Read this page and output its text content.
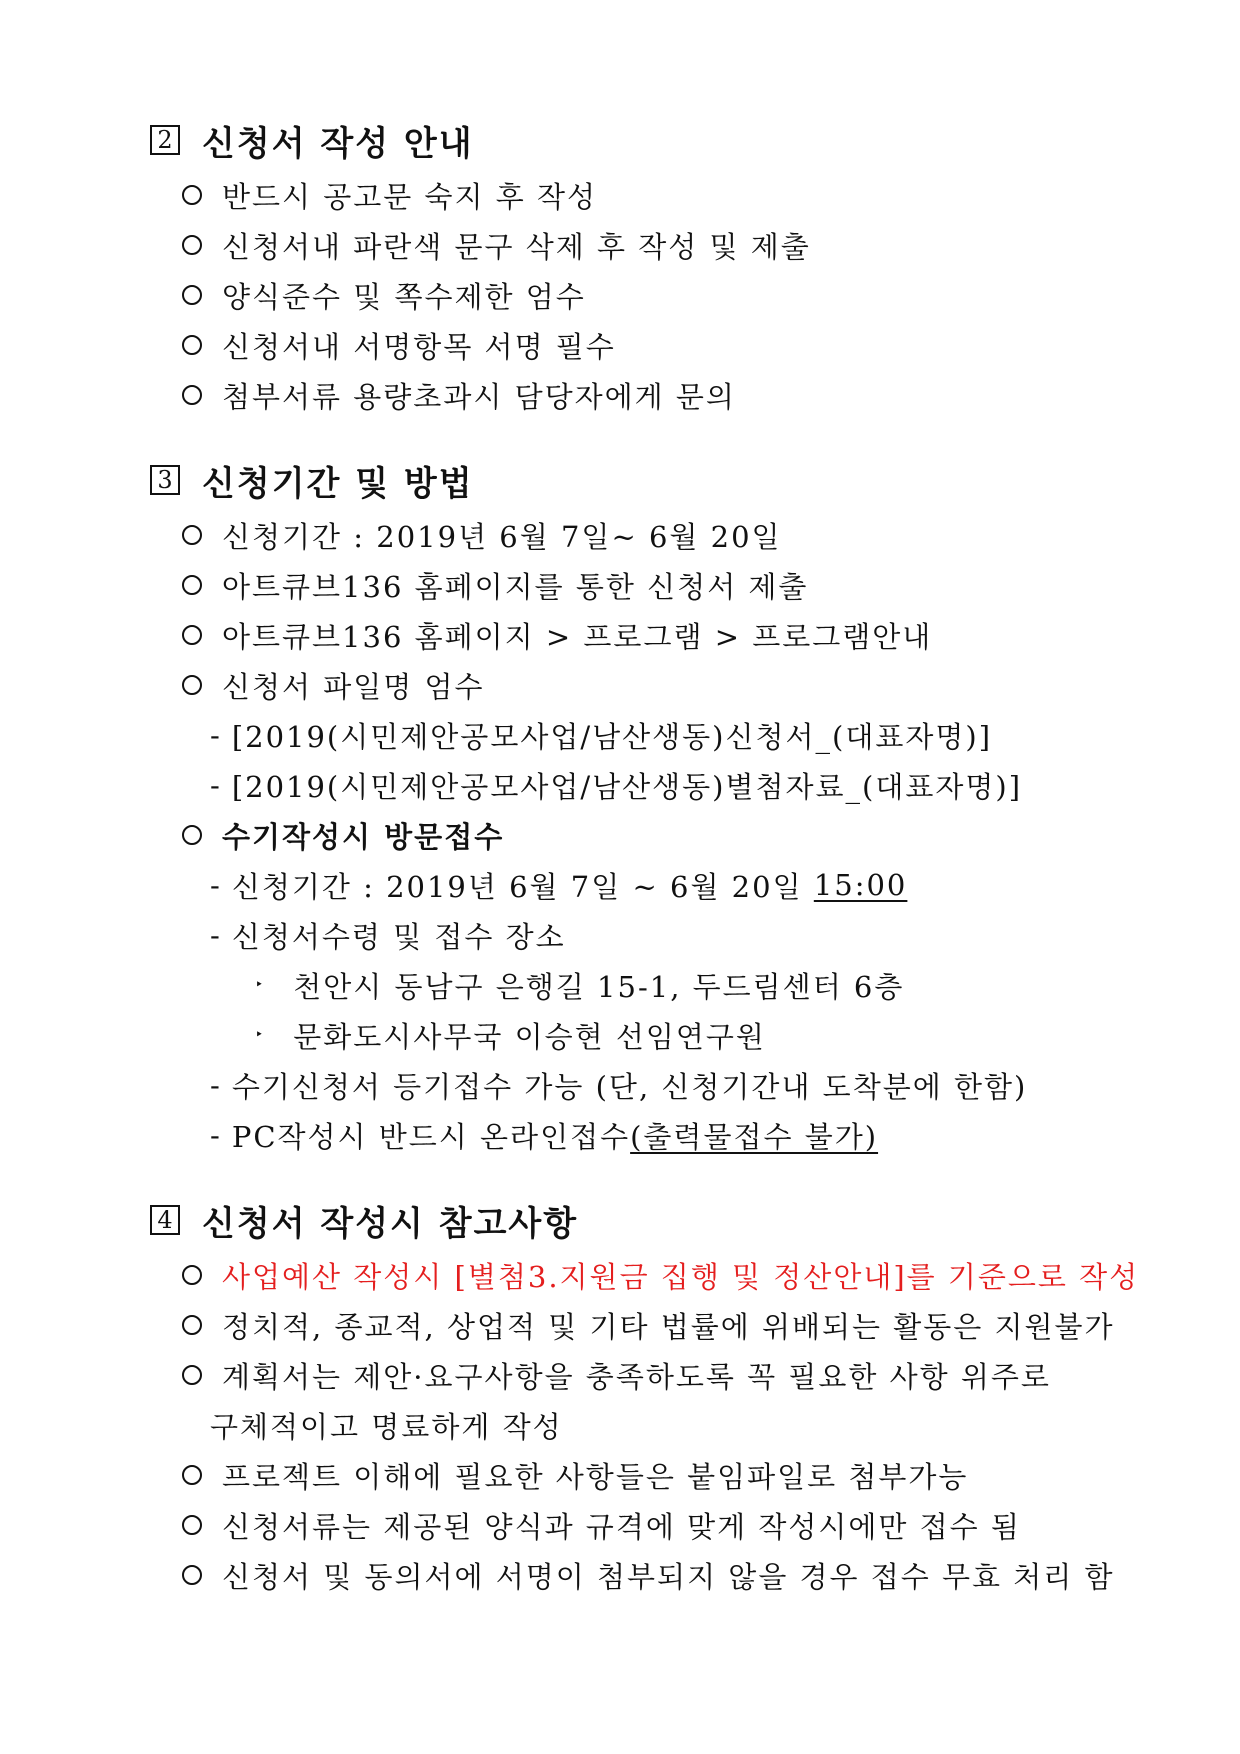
2 신청서 작성 안내
반드시 공고문 숙지 후 작성
신청서내 파란색 문구 삭제 후 작성 및 제출
양식준수 및 쪽수제한 엄수
신청서내 서명항목 서명 필수
첨부서류 용량초과시 담당자에게 문의
3 신청기간 및 방법
신청기간 : 2019년 6월 7일~ 6월 20일
아트큐브136 홈페이지를 통한 신청서 제출
아트큐브136 홈페이지 > 프로그램 > 프로그램안내
신청서 파일명 엄수
- [2019(시민제안공모사업/남산생동)신청서_(대표자명)]
- [2019(시민제안공모사업/남산생동)별첨자료_(대표자명)]
수기작성시 방문접수
- 신청기간 : 2019년 6월 7일 ~ 6월 20일 15:00
- 신청서수령 및 접수 장소
‣ 천안시 동남구 은행길 15-1, 두드림센터 6층
‣ 문화도시사무국 이승현 선임연구원
- 수기신청서 등기접수 가능 (단, 신청기간내 도착분에 한함)
- PC작성시 반드시 온라인접수 (출력물접수 불가)
4 신청서 작성시 참고사항
사업예산 작성시 [별첨3.지원금 집행 및 정산안내]를 기준으로 작성
정치적, 종교적, 상업적 및 기타 법률에 위배되는 활동은 지원불가
계획서는 제안·요구사항을 충족하도록 꼭 필요한 사항 위주로
구체적이고 명료하게 작성
프로젝트 이해에 필요한 사항들은 붙임파일로 첨부가능
신청서류는 제공된 양식과 규격에 맞게 작성시에만 접수 됨
신청서 및 동의서에 서명이 첨부되지 않을 경우 접수 무효 처리 함
